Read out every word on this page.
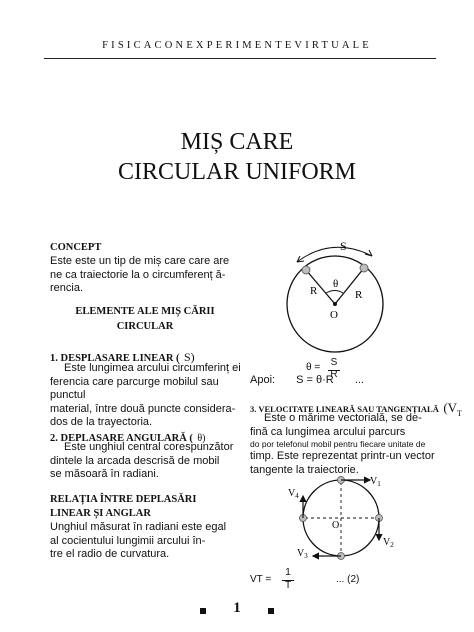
FISICACONEXPERIMENTEVIRTUALE
MIȘ CARE
CIRCULAR UNIFORM
CONCEPT
Este este un tip de miș care care are
ne ca traiectorie la o circumferenț ă-
rencia.
ELEMENTE ALE MIȘ CĂRII
CIRCULAR
1. DESPLASARE LINEAR ( S)
Este lungimea arcului circumferinț ei
ferencia care parcurge mobilul sau punctul
material, între două puncte considera-
dos de la trayectoria.
2. DEPLASARE ANGULARĂ ( θ)
Este unghiul central corespunzător
dintele la arcada descrisă de mobil
se măsoară în radiani.
RELAȚIA ÎNTRE DEPLASĂRI
LINEAR ȘI ANGLAR
Unghiul măsurat în radiani este egal
al cocientului lungimii arcului în-
tre el radio de curvatura.
S
θ
R	R
O
θ = S
R
Apoi: S = θ·R ...
3. VELOCITATE LINEARĂ SAU TANGENȚIALĂ ($V_T$
Este o mărime vectorială, se de-
fină ca lungimea arcului parcurs
do por telefonul mobil pentru fiecare unitate de
timp. Este reprezentat printr-un vector
tangente la traiectorie.
$V_1$
$V_2$
$V_3$
$V_4$
O
VT =
1
T
... (2)
1
